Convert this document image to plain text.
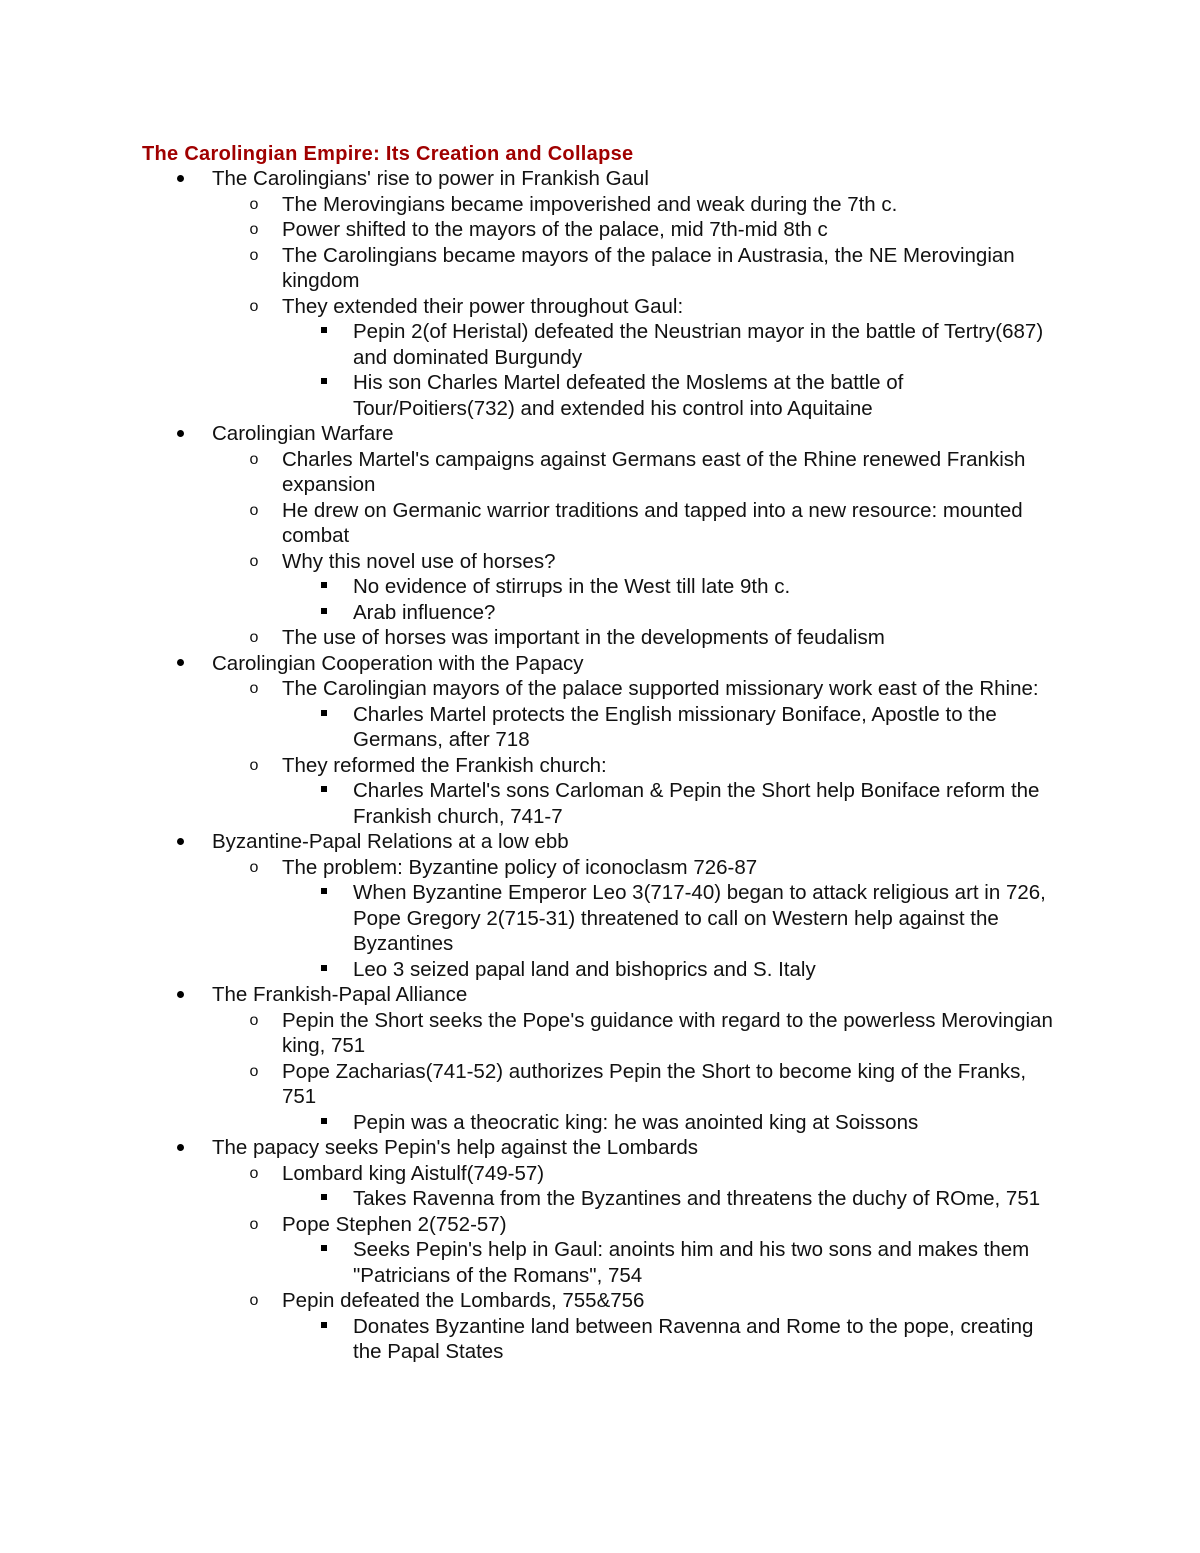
The Carolingian Empire: Its Creation and Collapse
The Carolingians' rise to power in Frankish Gaul
o The Merovingians became impoverished and weak during the 7th c.
o Power shifted to the mayors of the palace, mid 7th-mid 8th c
o The Carolingians became mayors of the palace in Austrasia, the NE Merovingian kingdom
o They extended their power throughout Gaul:
Pepin 2(of Heristal) defeated the Neustrian mayor in the battle of Tertry(687) and dominated Burgundy
His son Charles Martel defeated the Moslems at the battle of Tour/Poitiers(732) and extended his control into Aquitaine
Carolingian Warfare
o Charles Martel's campaigns against Germans east of the Rhine renewed Frankish expansion
o He drew on Germanic warrior traditions and tapped into a new resource: mounted combat
o Why this novel use of horses?
No evidence of stirrups in the West till late 9th c.
Arab influence?
o The use of horses was important in the developments of feudalism
Carolingian Cooperation with the Papacy
o The Carolingian mayors of the palace supported missionary work east of the Rhine:
Charles Martel protects the English missionary Boniface, Apostle to the Germans, after 718
o They reformed the Frankish church:
Charles Martel's sons Carloman & Pepin the Short help Boniface reform the Frankish church, 741-7
Byzantine-Papal Relations at a low ebb
o The problem: Byzantine policy of iconoclasm 726-87
When Byzantine Emperor Leo 3(717-40) began to attack religious art in 726, Pope Gregory 2(715-31) threatened to call on Western help against the Byzantines
Leo 3 seized papal land and bishoprics and S. Italy
The Frankish-Papal Alliance
o Pepin the Short seeks the Pope's guidance with regard to the powerless Merovingian king, 751
o Pope Zacharias(741-52) authorizes Pepin the Short to become king of the Franks, 751
Pepin was a theocratic king: he was anointed king at Soissons
The papacy seeks Pepin's help against the Lombards
o Lombard king Aistulf(749-57)
Takes Ravenna from the Byzantines and threatens the duchy of ROme, 751
o Pope Stephen 2(752-57)
Seeks Pepin's help in Gaul: anoints him and his two sons and makes them "Patricians of the Romans", 754
o Pepin defeated the Lombards, 755&756
Donates Byzantine land between Ravenna and Rome to the pope, creating the Papal States
